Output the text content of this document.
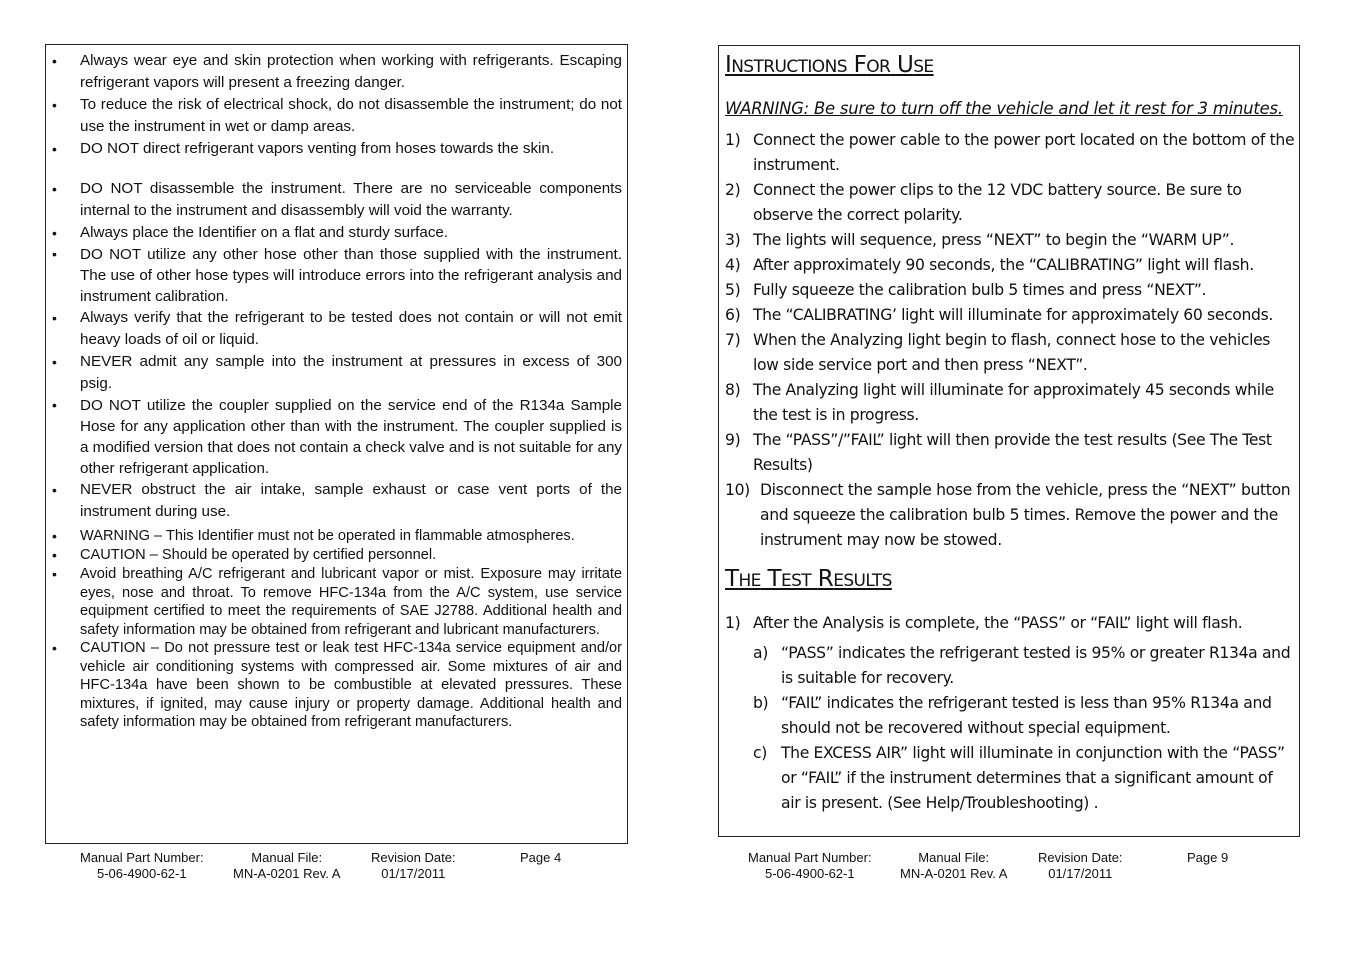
• Always wear eye and skin protection when working with refrigerants. Escaping refrigerant vapors will present a freezing danger.
• To reduce the risk of electrical shock, do not disassemble the instrument; do not use the instrument in wet or damp areas.
• DO NOT direct refrigerant vapors venting from hoses towards the skin.
• DO NOT disassemble the instrument. There are no serviceable components internal to the instrument and disassembly will void the warranty.
• Always place the Identifier on a flat and sturdy surface.
• DO NOT utilize any other hose other than those supplied with the instrument. The use of other hose types will introduce errors into the refrigerant analysis and instrument calibration.
• Always verify that the refrigerant to be tested does not contain or will not emit heavy loads of oil or liquid.
• NEVER admit any sample into the instrument at pressures in excess of 300 psig.
• DO NOT utilize the coupler supplied on the service end of the R134a Sample Hose for any application other than with the instrument. The coupler supplied is a modified version that does not contain a check valve and is not suitable for any other refrigerant application.
• NEVER obstruct the air intake, sample exhaust or case vent ports of the instrument during use.
• WARNING – This Identifier must not be operated in flammable atmospheres.
• CAUTION – Should be operated by certified personnel.
• Avoid breathing A/C refrigerant and lubricant vapor or mist. Exposure may irritate eyes, nose and throat. To remove HFC-134a from the A/C system, use service equipment certified to meet the requirements of SAE J2788. Additional health and safety information may be obtained from refrigerant and lubricant manufacturers.
• CAUTION – Do not pressure test or leak test HFC-134a service equipment and/or vehicle air conditioning systems with compressed air. Some mixtures of air and HFC-134a have been shown to be combustible at elevated pressures. These mixtures, if ignited, may cause injury or property damage. Additional health and safety information may be obtained from refrigerant manufacturers.
Manual Part Number:
5-06-4900-62-1
Manual File:
MN-A-0201 Rev. A
Revision Date:
01/17/2011
Page 4
INSTRUCTIONS FOR USE
WARNING: Be sure to turn off the vehicle and let it rest for 3 minutes.
1) Connect the power cable to the power port located on the bottom of the instrument.
2) Connect the power clips to the 12 VDC battery source. Be sure to observe the correct polarity.
3) The lights will sequence, press “NEXT” to begin the “WARM UP”.
4) After approximately 90 seconds, the “CALIBRATING” light will flash.
5) Fully squeeze the calibration bulb 5 times and press “NEXT”.
6) The “CALIBRATING’ light will illuminate for approximately 60 seconds.
7) When the Analyzing light begin to flash, connect hose to the vehicles low side service port and then press “NEXT”.
8) The Analyzing light will illuminate for approximately 45 seconds while the test is in progress.
9) The “PASS”/”FAIL” light will then provide the test results (See The Test Results)
10) Disconnect the sample hose from the vehicle, press the “NEXT” button and squeeze the calibration bulb 5 times. Remove the power and the instrument may now be stowed.
THE TEST RESULTS
1) After the Analysis is complete, the “PASS” or “FAIL” light will flash.
a) “PASS” indicates the refrigerant tested is 95% or greater R134a and is suitable for recovery.
b) “FAIL” indicates the refrigerant tested is less than 95% R134a and should not be recovered without special equipment.
c) The EXCESS AIR” light will illuminate in conjunction with the “PASS” or “FAIL” if the instrument determines that a significant amount of air is present. (See Help/Troubleshooting) .
Manual Part Number:
5-06-4900-62-1
Manual File:
MN-A-0201 Rev. A
Revision Date:
01/17/2011
Page 9
